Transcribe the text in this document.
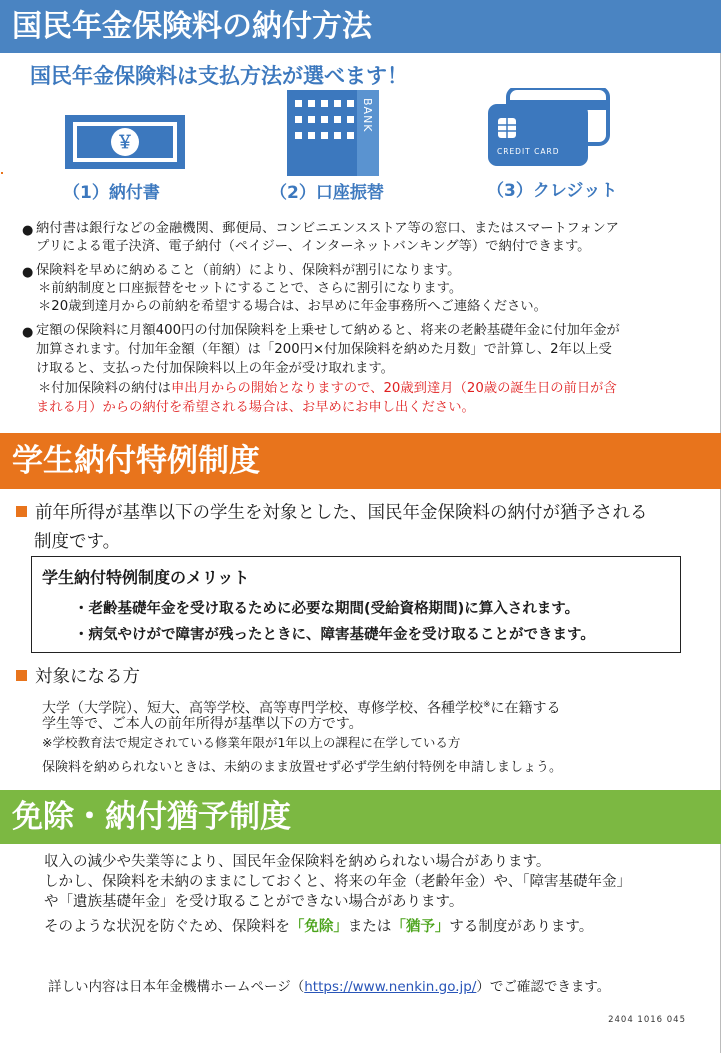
国民年金保険料の納付方法
国民年金保険料は支払方法が選べます！
￥
BANK
CREDIT CARD
（1）納付書	（2）口座振替	（3）クレジット
● 納付書は銀行などの金融機関、郵便局、コンビニエンスストア等の窓口、またはスマートフォンア
プリによる電子決済、電子納付（ペイジー、インターネットバンキング等）で納付できます。
● 保険料を早めに納めること（前納）により、保険料が割引になります。
＊前納制度と口座振替をセットにすることで、さらに割引になります。
＊20歳到達月からの前納を希望する場合は、お早めに年金事務所へご連絡ください。
● 定額の保険料に月額400円の付加保険料を上乗せして納めると、将来の老齢基礎年金に付加年金が
加算されます。付加年金額（年額）は「200円×付加保険料を納めた月数」で計算し、2年以上受
け取ると、支払った付加保険料以上の年金が受け取れます。
＊付加保険料の納付は申出月からの開始となりますので、20歳到達月（20歳の誕生日の前日が含
まれる月）からの納付を希望される場合は、お早めにお申し出ください。
学生納付特例制度
前年所得が基準以下の学生を対象とした、国民年金保険料の納付が猶予される
制度です。
学生納付特例制度のメリット
・老齢基礎年金を受け取るために必要な期間(受給資格期間)に算入されます。
・病気やけがで障害が残ったときに、障害基礎年金を受け取ることができます。
対象になる方
大学（大学院）、短大、高等学校、高等専門学校、専修学校、各種学校※に在籍する
学生等で、ご本人の前年所得が基準以下の方です。
※学校教育法で規定されている修業年限が1年以上の課程に在学している方
保険料を納められないときは、未納のまま放置せず必ず学生納付特例を申請しましょう。
免除・納付猶予制度
収入の減少や失業等により、国民年金保険料を納められない場合があります。
しかし、保険料を未納のままにしておくと、将来の年金（老齢年金）や、「障害基礎年金」
や「遺族基礎年金」を受け取ることができない場合があります。
そのような状況を防ぐため、保険料を「免除」または「猶予」する制度があります。
詳しい内容は日本年金機構ホームページ（https://www.nenkin.go.jp/）でご確認できます。
2404 1016 045
